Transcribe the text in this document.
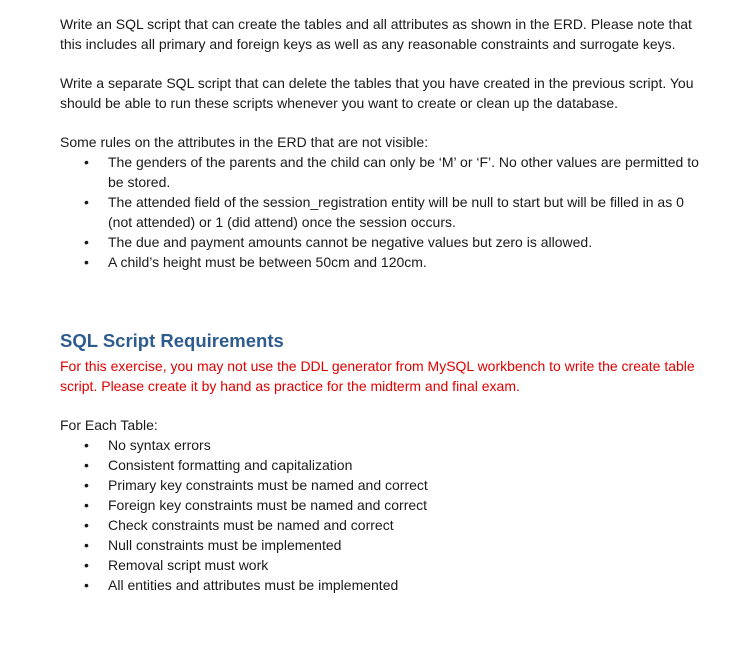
Write an SQL script that can create the tables and all attributes as shown in the ERD. Please note that this includes all primary and foreign keys as well as any reasonable constraints and surrogate keys.

Write a separate SQL script that can delete the tables that you have created in the previous script. You should be able to run these scripts whenever you want to create or clean up the database.

Some rules on the attributes in the ERD that are not visible:

•	The genders of the parents and the child can only be ‘M’ or ‘F’. No other values are permitted to be stored.
•	The attended field of the session_registration entity will be null to start but will be filled in as 0 (not attended) or 1 (did attend) once the session occurs.
•	The due and payment amounts cannot be negative values but zero is allowed.
•	A child’s height must be between 50cm and 120cm.
SQL Script Requirements

For this exercise, you may not use the DDL generator from MySQL workbench to write the create table script. Please create it by hand as practice for the midterm and final exam.

For Each Table:

•	No syntax errors
•	Consistent formatting and capitalization
•	Primary key constraints must be named and correct
•	Foreign key constraints must be named and correct
•	Check constraints must be named and correct
•	Null constraints must be implemented
•	Removal script must work
•	All entities and attributes must be implemented
